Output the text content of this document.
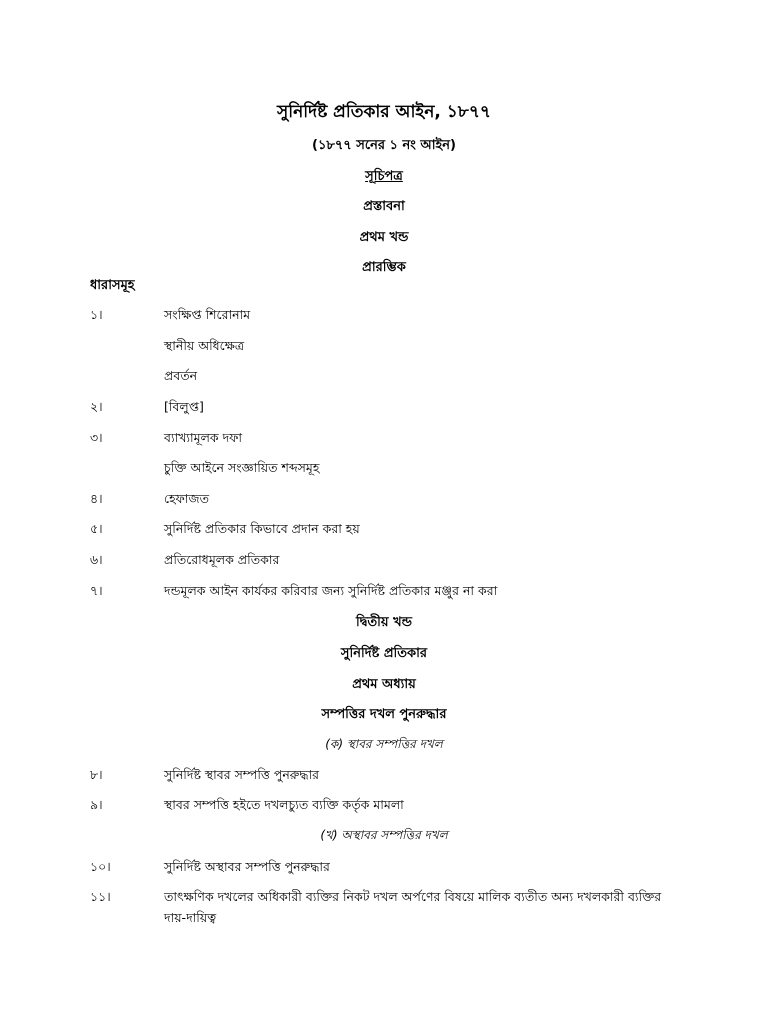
সুনির্দিষ্ট প্রতিকার আইন, ১৮৭৭
(১৮৭৭ সনের ১ নং আইন)
সূচিপত্র
প্রস্তাবনা
প্রথম খন্ড
প্রারম্ভিক
ধারাসমূহ
১।	সংক্ষিপ্ত শিরোনাম
স্থানীয় অধিক্ষেত্র
প্রবর্তন
২।	[বিলুপ্ত]
৩।	ব্যাখ্যামূলক দফা
চুক্তি আইনে সংজ্ঞায়িত শব্দসমূহ
৪।	হেফাজত
৫।	সুনির্দিষ্ট প্রতিকার কিভাবে প্রদান করা হয়
৬।	প্রতিরোধমূলক প্রতিকার
৭।	দন্ডমূলক আইন কার্যকর করিবার জন্য সুনির্দিষ্ট প্রতিকার মঞ্জুর না করা
দ্বিতীয় খন্ড
সুনির্দিষ্ট প্রতিকার
প্রথম অধ্যায়
সম্পত্তির দখল পুনরুদ্ধার
(ক) স্থাবর সম্পত্তির দখল
৮।	সুনির্দিষ্ট স্থাবর সম্পত্তি পুনরুদ্ধার
৯।	স্থাবর সম্পত্তি হইতে দখলচ্যুত ব্যক্তি কর্তৃক মামলা
(খ) অস্থাবর সম্পত্তির দখল
১০।	সুনির্দিষ্ট অস্থাবর সম্পত্তি পুনরুদ্ধার
১১।	তাৎক্ষণিক দখলের অধিকারী ব্যক্তির নিকট দখল অর্পণের বিষয়ে মালিক ব্যতীত অন্য দখলকারী ব্যক্তির দায়-দায়িত্ব
